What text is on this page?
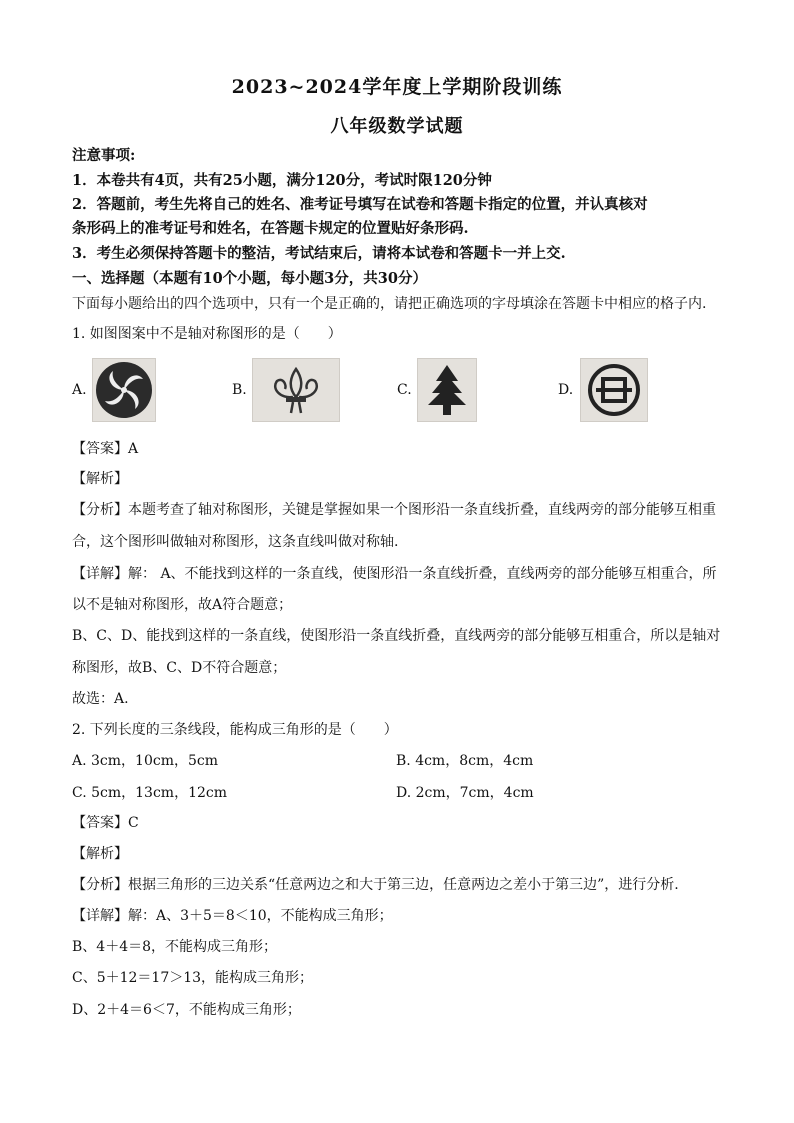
2023~2024学年度上学期阶段训练
八年级数学试题
注意事项:
1．本卷共有4页，共有25小题，满分120分，考试时限120分钟
2．答题前，考生先将自己的姓名、准考证号填写在试卷和答题卡指定的位置，并认真核对
条形码上的准考证号和姓名，在答题卡规定的位置贴好条形码.
3．考生必须保持答题卡的整洁，考试结束后，请将本试卷和答题卡一并上交.
一、选择题（本题有10个小题，每小题3分，共30分）
下面每小题给出的四个选项中，只有一个是正确的，请把正确选项的字母填涂在答题卡中相应的格子内.
1. 如图图案中不是轴对称图形的是（　　）
A.	B.	C.	D.
【答案】A
【解析】
【分析】本题考查了轴对称图形，关键是掌握如果一个图形沿一条直线折叠，直线两旁的部分能够互相重
合，这个图形叫做轴对称图形，这条直线叫做对称轴.
【详解】解： A、不能找到这样的一条直线，使图形沿一条直线折叠，直线两旁的部分能够互相重合，所
以不是轴对称图形，故A符合题意；
B、C、D、能找到这样的一条直线，使图形沿一条直线折叠，直线两旁的部分能够互相重合，所以是轴对
称图形，故B、C、D不符合题意；
故选：A.
2. 下列长度的三条线段，能构成三角形的是（　　）
A. 3cm，10cm，5cm	B. 4cm，8cm，4cm
C. 5cm，13cm，12cm	D. 2cm，7cm，4cm
【答案】C
【解析】
【分析】根据三角形的三边关系“任意两边之和大于第三边，任意两边之差小于第三边”，进行分析.
【详解】解：A、3＋5＝8＜10，不能构成三角形；
B、4＋4＝8，不能构成三角形；
C、5＋12＝17＞13，能构成三角形；
D、2＋4＝6＜7，不能构成三角形；
